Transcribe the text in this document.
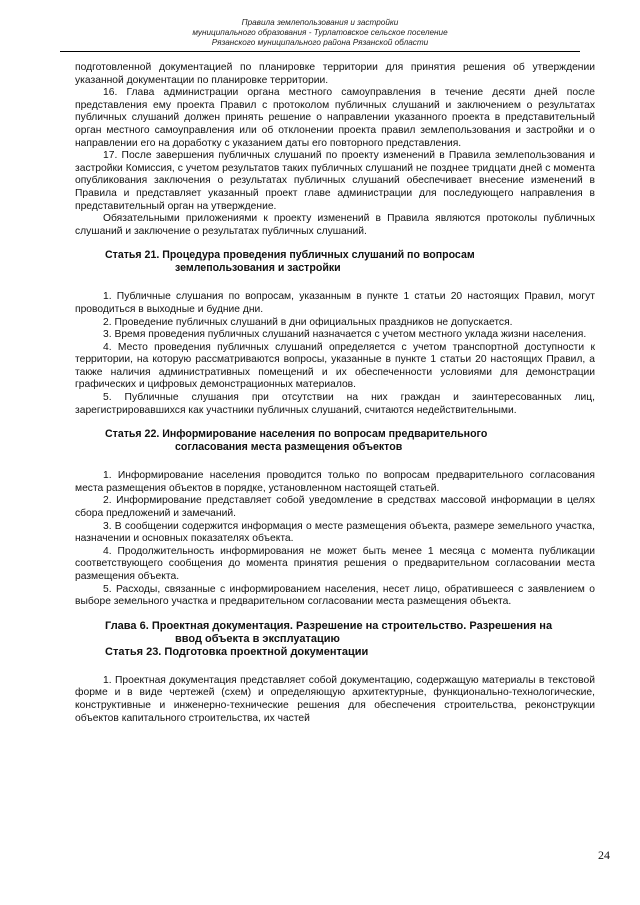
Правила землепользования и застройки
муниципального образования - Турлатовское сельское поселение
Рязанского муниципального района Рязанской области

подготовленной документацией по планировке территории для принятия решения об утверждении указанной документации по планировке территории.

16. Глава администрации органа местного самоуправления в течение десяти дней после представления ему проекта Правил с протоколом публичных слушаний и заключением о результатах публичных слушаний должен принять решение о направлении указанного проекта в представительный орган местного самоуправления или об отклонении проекта правил землепользования и застройки и о направлении его на доработку с указанием даты его повторного представления.

17. После завершения публичных слушаний по проекту изменений в Правила землепользования и застройки Комиссия, с учетом результатов таких публичных слушаний не позднее тридцати дней с момента опубликования заключения о результатах публичных слушаний обеспечивает внесение изменений в Правила и представляет указанный проект главе администрации для последующего направления в представительный орган на утверждение.

Обязательными приложениями к проекту изменений в Правила являются протоколы публичных слушаний и заключение о результатах публичных слушаний.

Статья 21. Процедура проведения публичных слушаний по вопросам
землепользования и застройки

1. Публичные слушания по вопросам, указанным в пункте 1 статьи 20 настоящих Правил, могут проводиться в выходные и будние дни.

2. Проведение публичных слушаний в дни официальных праздников не допускается.

3. Время проведения публичных слушаний назначается с учетом местного уклада жизни населения.

4. Место проведения публичных слушаний определяется с учетом транспортной доступности к территории, на которую рассматриваются вопросы, указанные в пункте 1 статьи 20 настоящих Правил, а также наличия административных помещений и их обеспеченности условиями для демонстрации графических и цифровых демонстрационных материалов.

5. Публичные слушания при отсутствии на них граждан и заинтересованных лиц, зарегистрировавшихся как участники публичных слушаний, считаются недействительными.

Статья 22. Информирование населения по вопросам предварительного
согласования места размещения объектов

1. Информирование населения проводится только по вопросам предварительного согласования места размещения объектов в порядке, установленном настоящей статьей.

2. Информирование представляет собой уведомление в средствах массовой информации в целях сбора предложений и замечаний.

3. В сообщении содержится информация о месте размещения объекта, размере земельного участка, назначении и основных показателях объекта.

4. Продолжительность информирования не может быть менее 1 месяца с момента публикации соответствующего сообщения до момента принятия решения о предварительном согласовании места размещения объекта.

5. Расходы, связанные с информированием населения, несет лицо, обратившееся с заявлением о выборе земельного участка и предварительном согласовании места размещения объекта.

Глава 6. Проектная документация. Разрешение на строительство. Разрешения на
ввод объекта в эксплуатацию

Статья 23. Подготовка проектной документации

1. Проектная документация представляет собой документацию, содержащую материалы в текстовой форме и в виде чертежей (схем) и определяющую архитектурные, функционально-технологические, конструктивные и инженерно-технические решения для обеспечения строительства, реконструкции объектов капитального строительства, их частей

24
